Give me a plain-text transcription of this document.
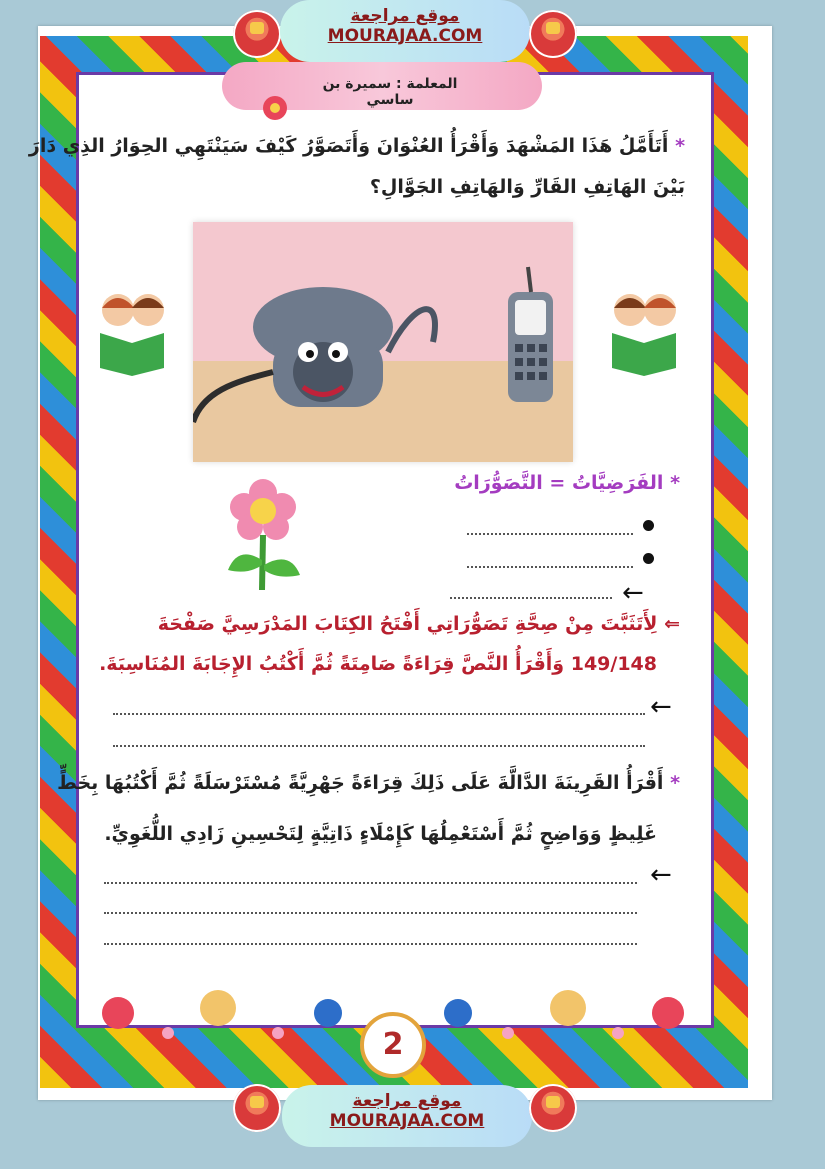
موقع مراجعة
MOURAJAA.COM
المعلمة : سميرة بن ساسي
* أَتَأَمَّلُ هَذَا المَشْهَدَ وَأَقْرَأُ العُنْوَانَ وَأَتَصَوَّرُ كَيْفَ سَيَنْتَهِي الحِوَارُ الذِي دَارَ
بَيْنَ الهَاتِفِ القَارِّ وَالهَاتِفِ الجَوَّالِ؟
* الفَرَضِيَّاتُ = التَّصَوُّرَاتُ
←
⇐ لِأَتَثَبَّتَ مِنْ صِحَّةِ تَصَوُّرَاتِي أَفْتَحُ الكِتَابَ المَدْرَسِيَّ صَفْحَةَ
149/148 وَأَقْرَأُ النَّصَّ قِرَاءَةً صَامِتَةً ثُمَّ أَكْتُبُ الإِجَابَةَ المُنَاسِبَةَ.
←
* أَقْرَأُ القَرِينَةَ الدَّالَّةَ عَلَى ذَلِكَ قِرَاءَةً جَهْرِيَّةً مُسْتَرْسَلَةً ثُمَّ أَكْتُبُهَا بِخَطٍّ
غَلِيظٍ وَوَاضِحٍ ثُمَّ أَسْتَعْمِلُهَا كَإِمْلَاءٍ ذَاتِيَّةٍ لِتَحْسِينِ زَادِي اللُّغَوِيِّ.
←
2
موقع مراجعة
MOURAJAA.COM
